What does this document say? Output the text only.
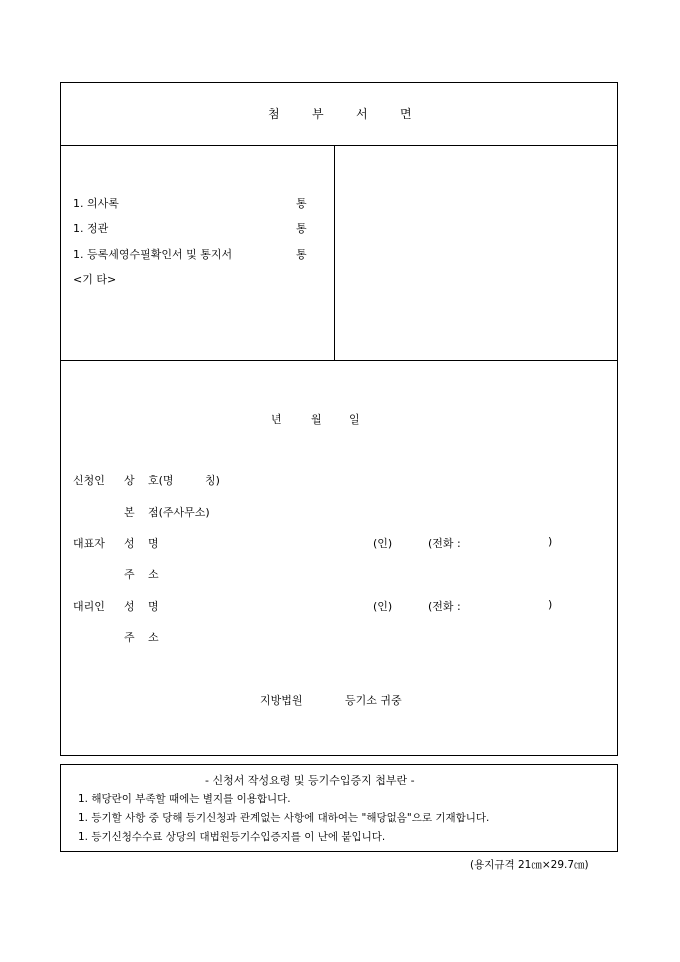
첨	부	서	면
1. 의사록	통
1. 정관	통
1. 등록세영수필확인서 및 통지서	통
<기 타>
년	월 일
신청인 상 호(명	칭)
본 점(주사무소)
대표자 성 명	(인)	(전화 :	)
주 소
대리인 성 명	(인)	(전화 :	)
주 소
지방법원	등기소 귀중
- 신청서 작성요령 및 등기수입증지 첩부란 -
1. 해당란이 부족할 때에는 별지를 이용합니다.
1. 등기할 사항 중 당해 등기신청과 관계없는 사항에 대하여는 "해당없음"으로 기재합니다.
1. 등기신청수수료 상당의 대법원등기수입증지를 이 난에 붙입니다.
(용지규격 21㎝×29.7㎝)
